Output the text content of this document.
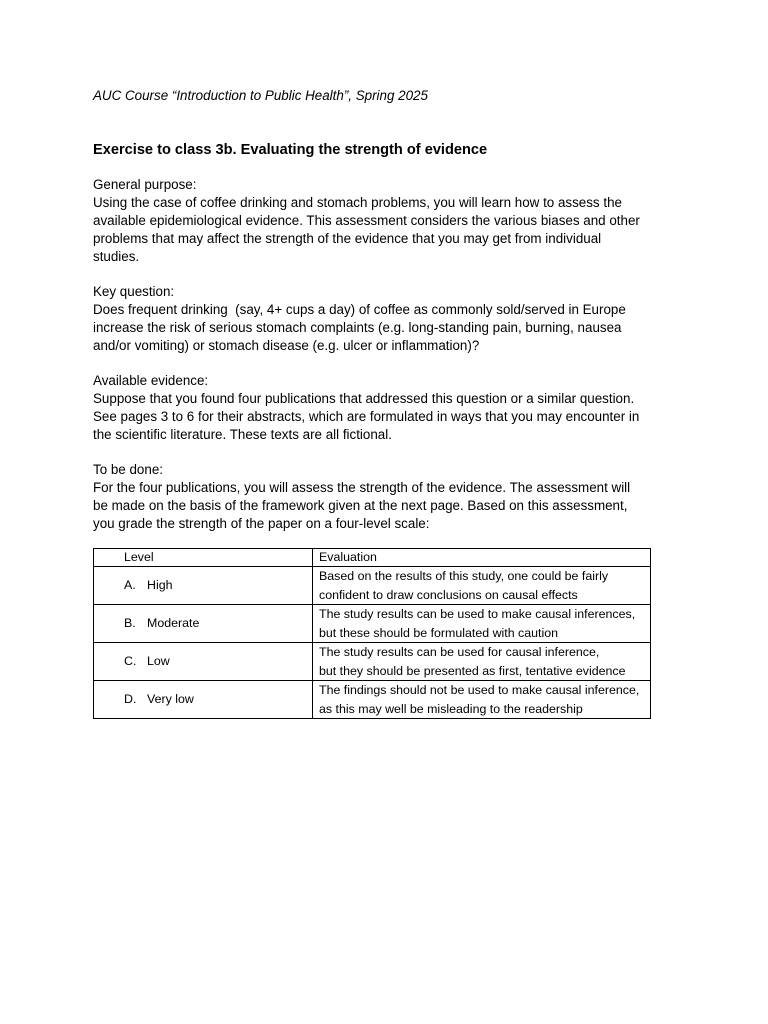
AUC Course “Introduction to Public Health”, Spring 2025
Exercise to class 3b. Evaluating the strength of evidence

General purpose:

Using the case of coffee drinking and stomach problems, you will learn how to assess the

available epidemiological evidence. This assessment considers the various biases and other

problems that may affect the strength of the evidence that you may get from individual

studies.

Key question:

Does frequent drinking  (say, 4+ cups a day) of coffee as commonly sold/served in Europe

increase the risk of serious stomach complaints (e.g. long-standing pain, burning, nausea

and/or vomiting) or stomach disease (e.g. ulcer or inflammation)?

Available evidence:

Suppose that you found four publications that addressed this question or a similar question.

See pages 3 to 6 for their abstracts, which are formulated in ways that you may encounter in

the scientific literature. These texts are all fictional.

To be done:

For the four publications, you will assess the strength of the evidence. The assessment will

be made on the basis of the framework given at the next page. Based on this assessment,

you grade the strength of the paper on a four-level scale:

Level	Evaluation
A. High	Based on the results of this study, one could be fairly
confident to draw conclusions on causal effects

B. Moderate	The study results can be used to make causal inferences,
but these should be formulated with caution

C. Low	The study results can be used for causal inference,
but they should be presented as first, tentative evidence

D. Very low	The findings should not be used to make causal inference,
as this may well be misleading to the readership
